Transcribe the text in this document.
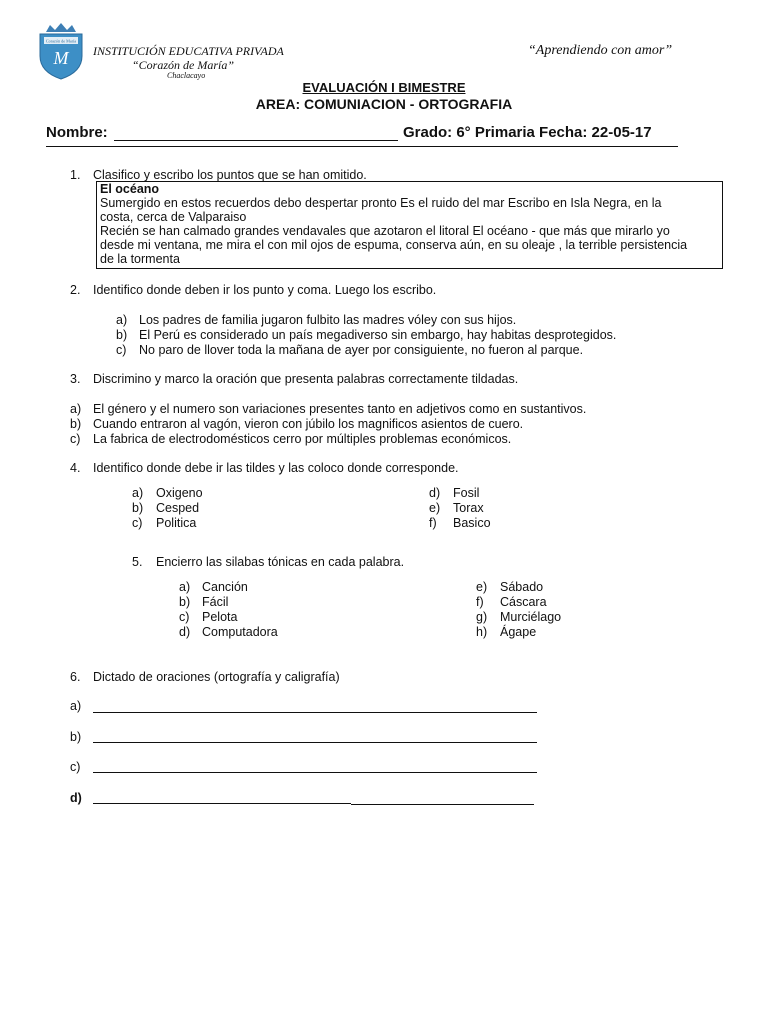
Corazón de María
M INSTITUCIÓN EDUCATIVA PRIVADA
“Corazón de María”
Chaclacayo
“Aprendiendo con amor”
EVALUACIÓN I BIMESTRE
AREA: COMUNIACION - ORTOGRAFIA
Nombre:	Grado: 6° Primaria Fecha: 22-05-17
1. Clasifico y escribo los puntos que se han omitido.
El océano
Sumergido en estos recuerdos debo despertar pronto Es el ruido del mar Escribo en Isla Negra, en la
costa, cerca de Valparaiso
Recién se han calmado grandes vendavales que azotaron el litoral El océano - que más que mirarlo yo
desde mi ventana, me mira el con mil ojos de espuma, conserva aún, en su oleaje , la terrible persistencia
de la tormenta
2. Identifico donde deben ir los punto y coma. Luego los escribo.
a) Los padres de familia jugaron fulbito las madres vóley con sus hijos.
b) El Perú es considerado un país megadiverso sin embargo, hay habitas desprotegidos.
c) No paro de llover toda la mañana de ayer por consiguiente, no fueron al parque.
3. Discrimino y marco la oración que presenta palabras correctamente tildadas.
a) El género y el numero son variaciones presentes tanto en adjetivos como en sustantivos.
b) Cuando entraron al vagón, vieron con júbilo los magnificos asientos de cuero.
c) La fabrica de electrodomésticos cerro por múltiples problemas económicos.
4. Identifico donde debe ir las tildes y las coloco donde corresponde.
a) Oxigeno
b) Cesped
c) Politica
d) Fosil
e) Torax
f) Basico
5. Encierro las silabas tónicas en cada palabra.
a) Canción
b) Fácil
c) Pelota
d) Computadora
e) Sábado
f) Cáscara
g) Murciélago
h) Ágape
6. Dictado de oraciones (ortografía y caligrafía)
a)
b)
c)
d)
